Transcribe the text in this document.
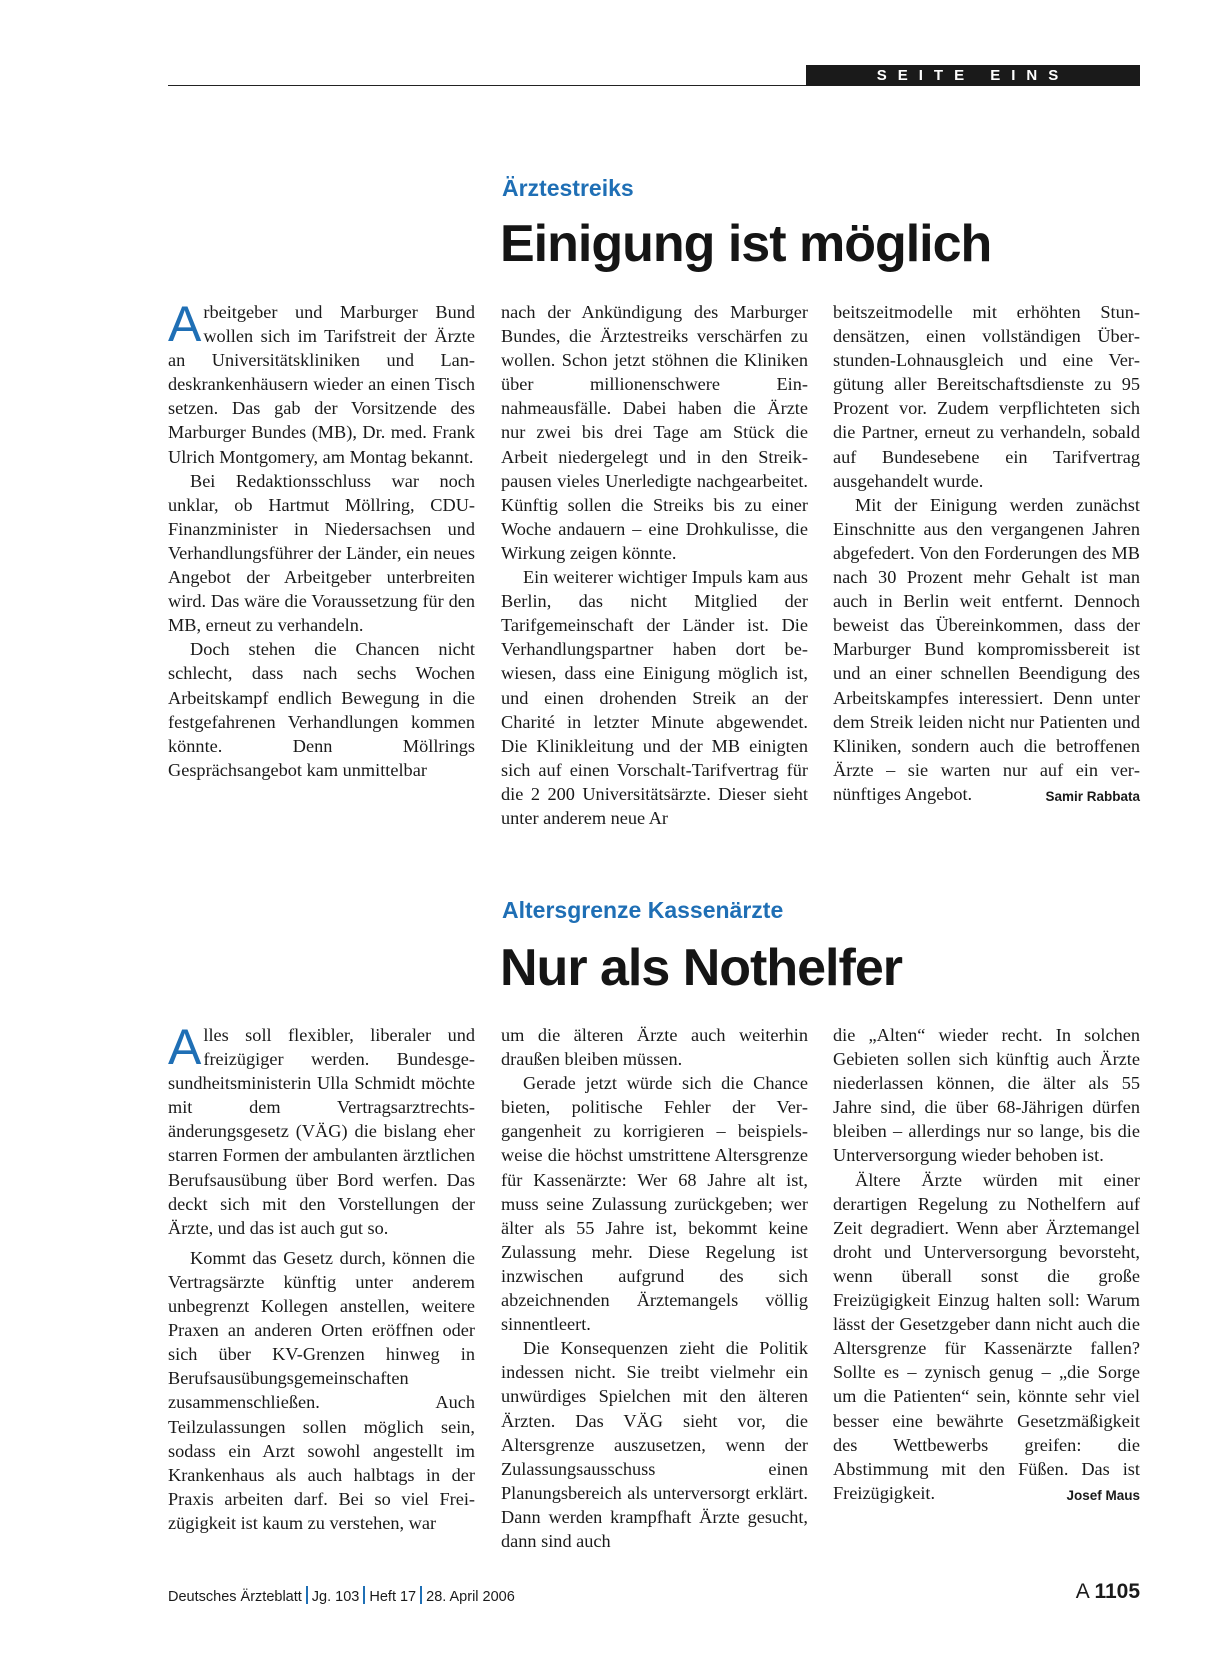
SEITE EINS
Ärztestreiks
Einigung ist möglich

Arbeitgeber und Marburger Bund wollen sich im Tarifstreit der Ärzte an Universitätskliniken und Landeskrankenhäusern wieder an einen Tisch setzen. Das gab der Vorsitzende des Marburger Bundes (MB), Dr. med. Frank Ulrich Montgomery, am Montag bekannt.

Bei Redaktionsschluss war noch unklar, ob Hartmut Möllring, CDU-Finanzminister in Niedersachsen und Verhandlungsführer der Länder, ein neues Angebot der Arbeitgeber unterbreiten wird. Das wäre die Voraussetzung für den MB, erneut zu verhandeln.

Doch stehen die Chancen nicht schlecht, dass nach sechs Wochen Arbeitskampf endlich Bewegung in die festgefahrenen Verhandlungen kommen könnte. Denn Möllrings Gesprächsangebot kam unmittelbar

nach der Ankündigung des Marburger Bundes, die Ärztestreiks verschärfen zu wollen. Schon jetzt stöhnen die Kliniken über millionenschwere Einnahmeausfälle. Dabei haben die Ärzte nur zwei bis drei Tage am Stück die Arbeit niedergelegt und in den Streikpausen vieles Unerledigte nachgearbeitet. Künftig sollen die Streiks bis zu einer Woche andauern – eine Drohkulisse, die Wirkung zeigen könnte.

Ein weiterer wichtiger Impuls kam aus Berlin, das nicht Mitglied der Tarifgemeinschaft der Länder ist. Die Verhandlungspartner haben dort bewiesen, dass eine Einigung möglich ist, und einen drohenden Streik an der Charité in letzter Minute abgewendet. Die Klinikleitung und der MB einigten sich auf einen Vorschalt-Tarifvertrag für die 2 200 Universitätsärzte. Dieser sieht unter anderem neue Ar

beitszeitmodelle mit erhöhten Stundensätzen, einen vollständigen Überstunden-Lohnausgleich und eine Vergütung aller Bereitschaftsdienste zu 95 Prozent vor. Zudem verpflichteten sich die Partner, erneut zu verhandeln, sobald auf Bundesebene ein Tarifvertrag ausgehandelt wurde.

Mit der Einigung werden zunächst Einschnitte aus den vergangenen Jahren abgefedert. Von den Forderungen des MB nach 30 Prozent mehr Gehalt ist man auch in Berlin weit entfernt. Dennoch beweist das Übereinkommen, dass der Marburger Bund kompromissbereit ist und an einer schnellen Beendigung des Arbeitskampfes interessiert. Denn unter dem Streik leiden nicht nur Patienten und Kliniken, sondern auch die betroffenen Ärzte – sie warten nur auf ein vernünftiges Angebot.	Samir Rabbata

Altersgrenze Kassenärzte
Nur als Nothelfer

Alles soll flexibler, liberaler und freizügiger werden. Bundesgesundheitsministerin Ulla Schmidt möchte mit dem Vertragsarztrechtsänderungsgesetz (VÄG) die bislang eher starren Formen der ambulanten ärztlichen Berufsausübung über Bord werfen. Das deckt sich mit den Vorstellungen der Ärzte, und das ist auch gut so.

Kommt das Gesetz durch, können die Vertragsärzte künftig unter anderem unbegrenzt Kollegen anstellen, weitere Praxen an anderen Orten eröffnen oder sich über KV-Grenzen hinweg in Berufsausübungsgemeinschaften zusammenschließen. Auch Teilzulassungen sollen möglich sein, sodass ein Arzt sowohl angestellt im Krankenhaus als auch halbtags in der Praxis arbeiten darf. Bei so viel Freizügigkeit ist kaum zu verstehen, war

um die älteren Ärzte auch weiterhin draußen bleiben müssen.

Gerade jetzt würde sich die Chance bieten, politische Fehler der Vergangenheit zu korrigieren – beispielsweise die höchst umstrittene Altersgrenze für Kassenärzte: Wer 68 Jahre alt ist, muss seine Zulassung zurückgeben; wer älter als 55 Jahre ist, bekommt keine Zulassung mehr. Diese Regelung ist inzwischen aufgrund des sich abzeichnenden Ärztemangels völlig sinnentleert.

Die Konsequenzen zieht die Politik indessen nicht. Sie treibt vielmehr ein unwürdiges Spielchen mit den älteren Ärzten. Das VÄG sieht vor, die Altersgrenze auszusetzen, wenn der Zulassungsausschuss einen Planungsbereich als unterversorgt erklärt. Dann werden krampfhaft Ärzte gesucht, dann sind auch

die „Alten“ wieder recht. In solchen Gebieten sollen sich künftig auch Ärzte niederlassen können, die älter als 55 Jahre sind, die über 68-Jährigen dürfen bleiben – allerdings nur so lange, bis die Unterversorgung wieder behoben ist.

Ältere Ärzte würden mit einer derartigen Regelung zu Nothelfern auf Zeit degradiert. Wenn aber Ärztemangel droht und Unterversorgung bevorsteht, wenn überall sonst die große Freizügigkeit Einzug halten soll: Warum lässt der Gesetzgeber dann nicht auch die Altersgrenze für Kassenärzte fallen? Sollte es – zynisch genug – „die Sorge um die Patienten“ sein, könnte sehr viel besser eine bewährte Gesetzmäßigkeit des Wettbewerbs greifen: die Abstimmung mit den Füßen. Das ist Freizügigkeit.	Josef Maus

Deutsches Ärzteblatt Jg. 103 Heft 17 28. April 2006	A 1105
